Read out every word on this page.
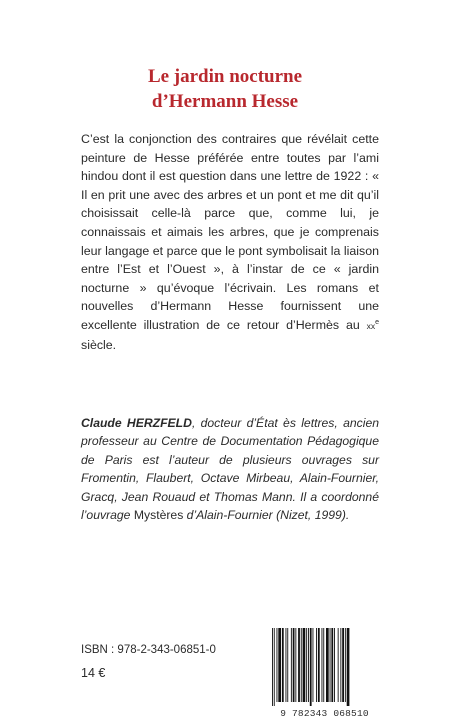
Le jardin nocturne
d’Hermann Hesse

C’est la conjonction des contraires que révélait cette peinture de Hesse préférée entre toutes par l’ami hindou dont il est question dans une lettre de 1922 : « Il en prit une avec des arbres et un pont et me dit qu’il choisissait celle-là parce que, comme lui, je connaissais et aimais les arbres, que je comprenais leur langage et parce que le pont symbolisait la liaison entre l’Est et l’Ouest », à l’instar de ce « jardin nocturne » qu’évoque l’écrivain. Les romans et nouvelles d’Hermann Hesse fournissent une excellente illustration de ce retour d’Hermès au $xx^e$ siècle.

Claude HERZFELD, docteur d’État ès lettres, ancien professeur au Centre de Documentation Pédagogique de Paris est l’auteur de plusieurs ouvrages sur Fromentin, Flaubert, Octave Mirbeau, Alain-Fournier, Gracq, Jean Rouaud et Thomas Mann. Il a coordonné l’ouvrage Mystères d’Alain-Fournier (Nizet, 1999).

ISBN : 978-2-343-06851-0
14 €
9 782343 068510
